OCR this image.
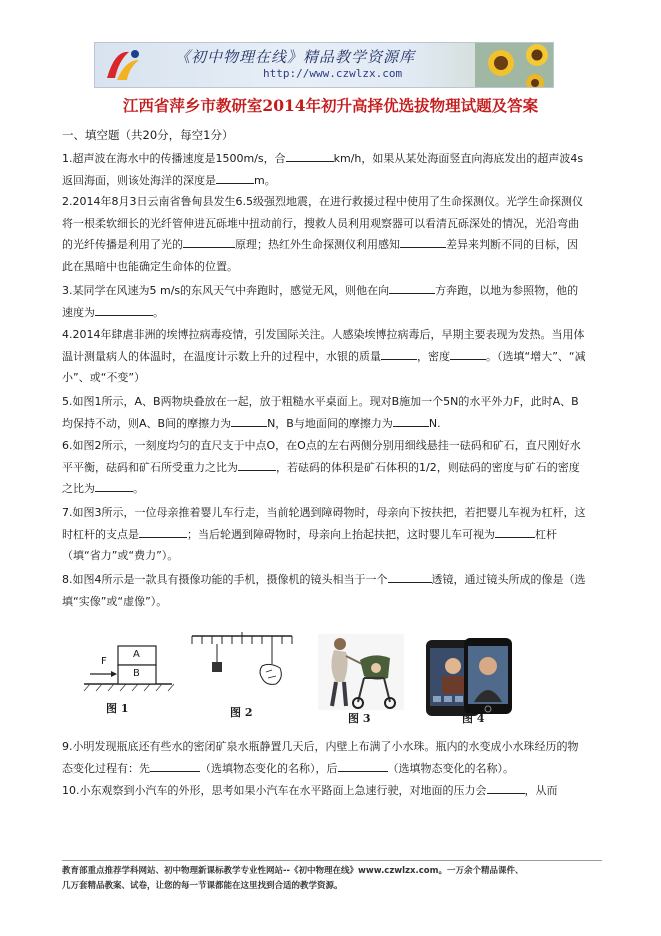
《初中物理在线》精品教学资源库
http://www.czwlzx.com
江西省萍乡市教研室2014年初升高择优选拔物理试题及答案
一、填空题（共20分，每空1分）
1.超声波在海水中的传播速度是1500m/s，合	km/h，如果从某处海面竖直向海底发出的超声波4s返回海面，则该处海洋的深度是	m。
2.2014年8月3日云南省鲁甸县发生6.5级强烈地震，在进行救援过程中使用了生命探测仪。光学生命探测仪将一根柔软细长的光纤管伸进瓦砾堆中扭动前行，搜救人员利用观察器可以看清瓦砾深处的情况，光沿弯曲的光纤传播是利用了光的	原理；热红外生命探测仪利用感知	差异来判断不同的目标，因此在黑暗中也能确定生命体的位置。
3.某同学在风速为5 m/s的东风天气中奔跑时，感觉无风，则他在向	方奔跑，以地为参照物，他的速度为	。
4.2014年肆虐非洲的埃博拉病毒疫情，引发国际关注。人感染埃博拉病毒后，早期主要表现为发热。当用体温计测量病人的体温时，在温度计示数上升的过程中，水银的质量	，密度	。（选填“增大”、“减小”、或“不变”）
5.如图1所示，A、B两物块叠放在一起，放于粗糙水平桌面上。现对B施加一个5N的水平外力F，此时A、B均保持不动，则A、B间的摩擦力为	N，B与地面间的摩擦力为	N.
6.如图2所示，一刻度均匀的直尺支于中点O，在O点的左右两侧分别用细线悬挂一砝码和矿石，直尺刚好水平平衡，砝码和矿石所受重力之比为	，若砝码的体积是矿石体积的1/2，则砝码的密度与矿石的密度之比为	。
7.如图3所示，一位母亲推着婴儿车行走，当前轮遇到障碍物时，母亲向下按扶把，若把婴儿车视为杠杆，这时杠杆的支点是	；当后轮遇到障碍物时，母亲向上抬起扶把，这时婴儿车可视为	杠杆（填“省力”或“费力”）。
8.如图4所示是一款具有摄像功能的手机，摄像机的镜头相当于一个	透镜，通过镜头所成的像是（选填“实像”或“虚像”）。
F
A
B
图 1	图 2	图 3	图 4
9.小明发现瓶底还有些水的密闭矿泉水瓶静置几天后，内壁上布满了小水珠。瓶内的水变成小水珠经历的物态变化过程有：先	（选填物态变化的名称），后	（选填物态变化的名称）。
10.小东观察到小汽车的外形，思考如果小汽车在水平路面上急速行驶，对地面的压力会	，从而
教育部重点推荐学科网站、初中物理新课标教学专业性网站--《初中物理在线》www.czwlzx.com。一万余个精品课件、
几万套精品教案、试卷，让您的每一节课都能在这里找到合适的教学资源。
